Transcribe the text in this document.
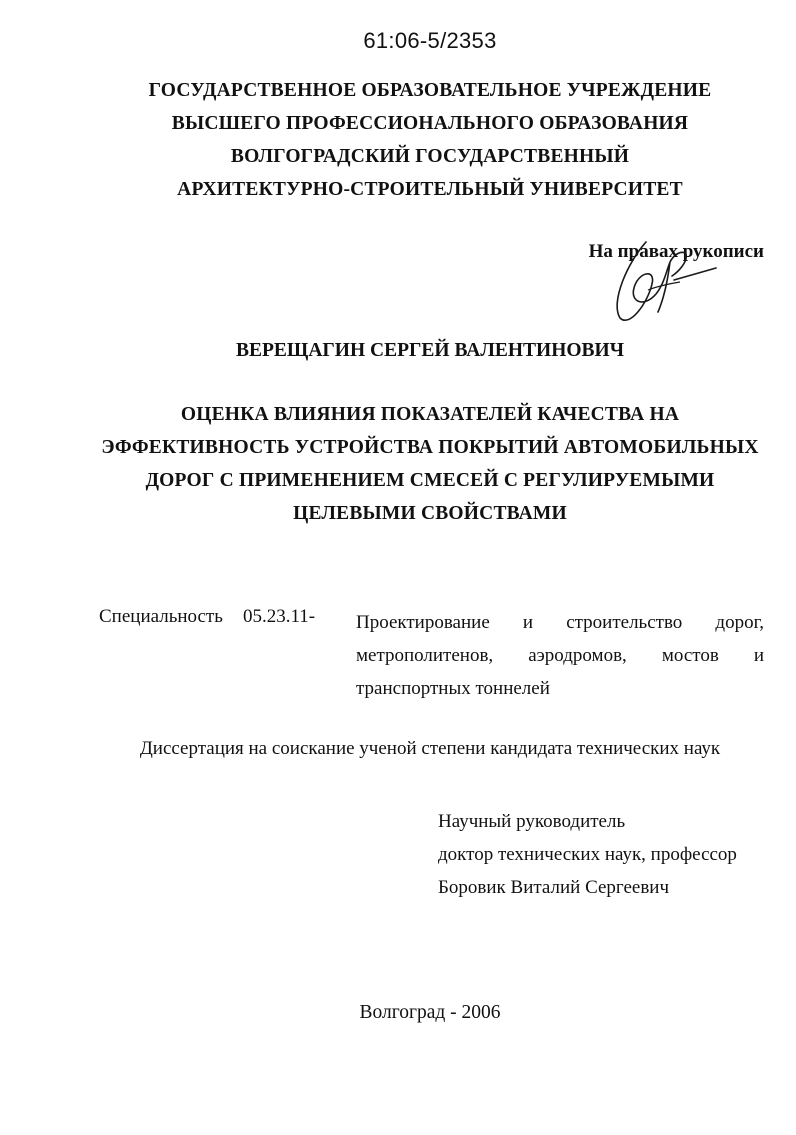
61:06-5/2353
ГОСУДАРСТВЕННОЕ ОБРАЗОВАТЕЛЬНОЕ УЧРЕЖДЕНИЕ
ВЫСШЕГО ПРОФЕССИОНАЛЬНОГО ОБРАЗОВАНИЯ
ВОЛГОГРАДСКИЙ ГОСУДАРСТВЕННЫЙ
АРХИТЕКТУРНО-СТРОИТЕЛЬНЫЙ УНИВЕРСИТЕТ
На правах рукописи
ВЕРЕЩАГИН СЕРГЕЙ ВАЛЕНТИНОВИЧ
ОЦЕНКА ВЛИЯНИЯ ПОКАЗАТЕЛЕЙ КАЧЕСТВА НА
ЭФФЕКТИВНОСТЬ УСТРОЙСТВА ПОКРЫТИЙ АВТОМОБИЛЬНЫХ
ДОРОГ С ПРИМЕНЕНИЕМ СМЕСЕЙ С РЕГУЛИРУЕМЫМИ
ЦЕЛЕВЫМИ СВОЙСТВАМИ
Специальность 05.23.11- Проектирование и строительство дорог,
метрополитенов, аэродромов, мостов и
транспортных тоннелей
Диссертация на соискание ученой степени кандидата технических наук
Научный руководитель
доктор технических наук, профессор
Боровик Виталий Сергеевич
Волгоград - 2006
